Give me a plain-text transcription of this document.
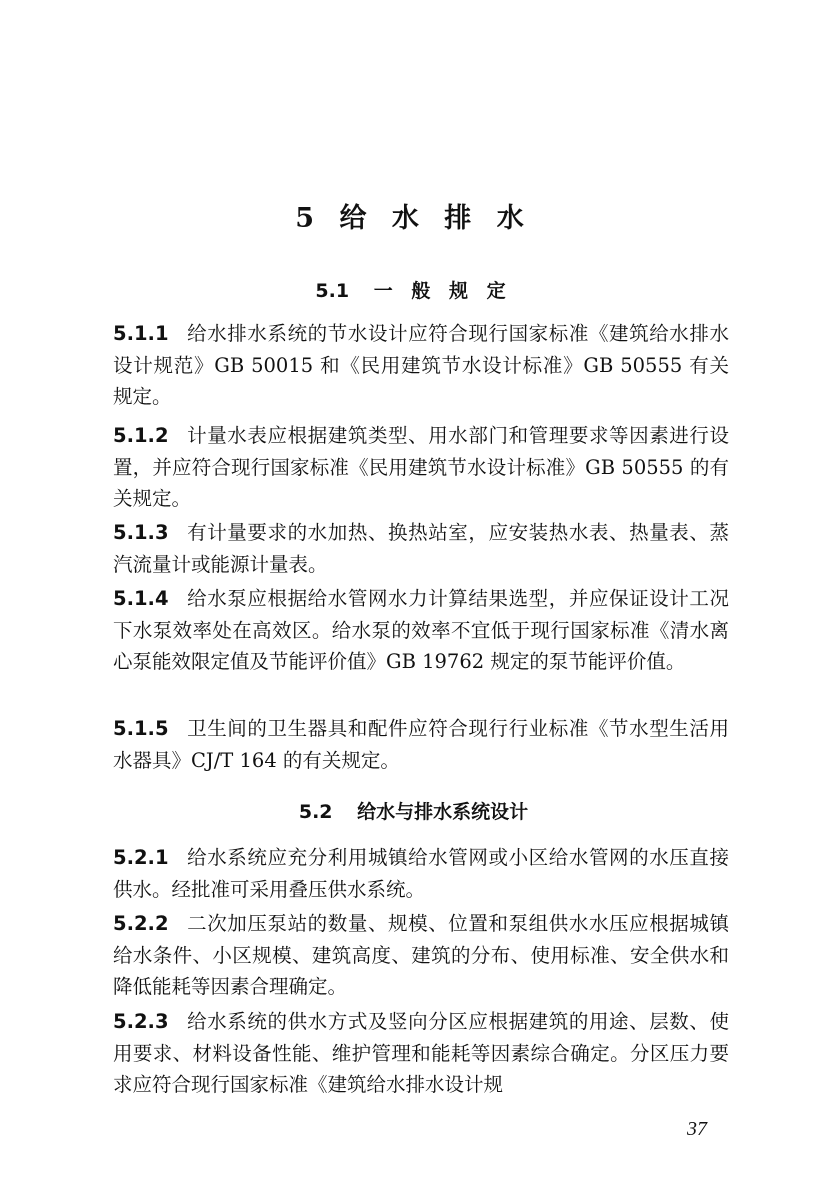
5 给 水 排 水
5.1 一 般 规 定
5.1.1 给水排水系统的节水设计应符合现行国家标准《建筑给水排水设计规范》GB 50015 和《民用建筑节水设计标准》GB 50555 有关规定。
5.1.2 计量水表应根据建筑类型、用水部门和管理要求等因素进行设置，并应符合现行国家标准《民用建筑节水设计标准》GB 50555 的有关规定。
5.1.3 有计量要求的水加热、换热站室，应安装热水表、热量表、蒸汽流量计或能源计量表。
5.1.4 给水泵应根据给水管网水力计算结果选型，并应保证设计工况下水泵效率处在高效区。给水泵的效率不宜低于现行国家标准《清水离心泵能效限定值及节能评价值》GB 19762 规定的泵节能评价值。
5.1.5 卫生间的卫生器具和配件应符合现行行业标准《节水型生活用水器具》CJ/T 164 的有关规定。
5.2 给水与排水系统设计
5.2.1 给水系统应充分利用城镇给水管网或小区给水管网的水压直接供水。经批准可采用叠压供水系统。
5.2.2 二次加压泵站的数量、规模、位置和泵组供水水压应根据城镇给水条件、小区规模、建筑高度、建筑的分布、使用标准、安全供水和降低能耗等因素合理确定。
5.2.3 给水系统的供水方式及竖向分区应根据建筑的用途、层数、使用要求、材料设备性能、维护管理和能耗等因素综合确定。分区压力要求应符合现行国家标准《建筑给水排水设计规
37
